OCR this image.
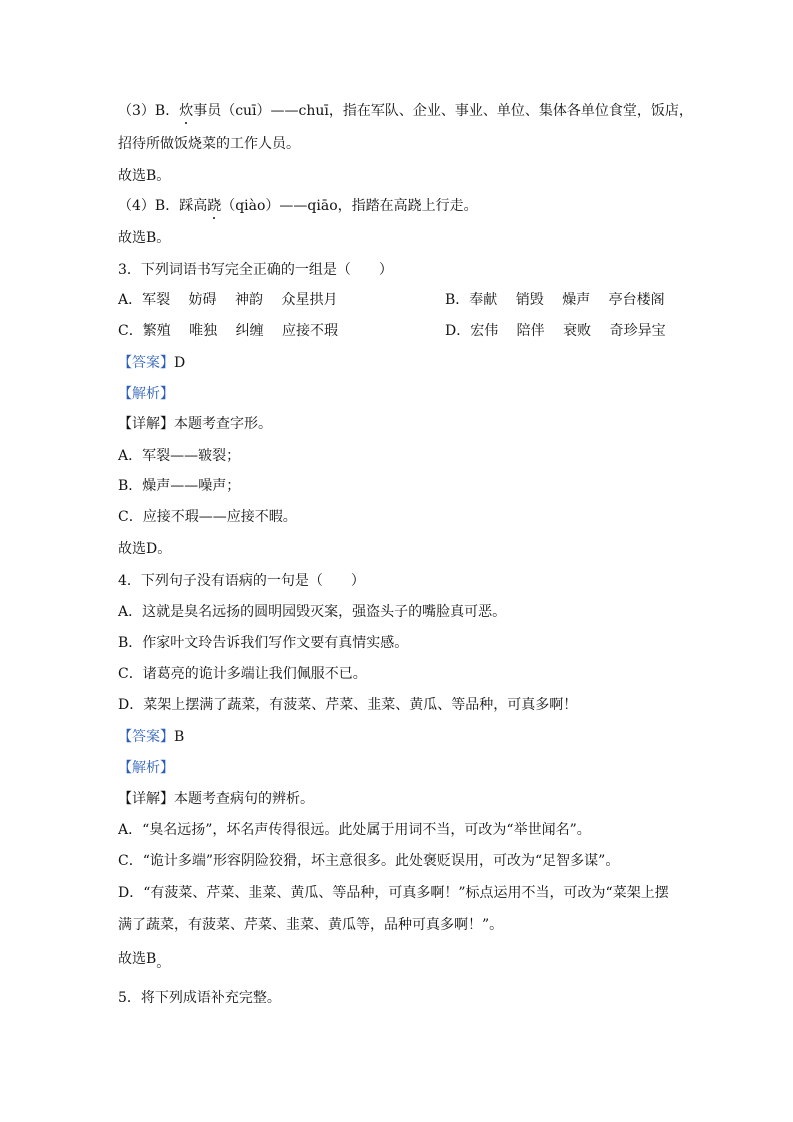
（3）B．炊事员（cuī）——chuī，指在军队、企业、事业、单位、集体各单位食堂，饭店，
招待所做饭烧菜的工作人员。
故选B。
（4）B．踩高跷（qiào）——qiāo，指踏在高跷上行走。
故选B。
3．下列词语书写完全正确的一组是（　　）
A．军裂　 妨碍　 神韵　 众星拱月	B．奉献　 销毁　 燥声　 亭台楼阁
C．繁殖　 唯独　 纠缠　 应接不瑕	D．宏伟　 陪伴　 衰败　 奇珍异宝
【答案】D
【解析】
【详解】本题考查字形。
A．军裂——皲裂；
B．燥声——噪声；
C．应接不瑕——应接不暇。
故选D。
4．下列句子没有语病的一句是（　　）
A．这就是臭名远扬的圆明园毁灭案，强盗头子的嘴脸真可恶。
B．作家叶文玲告诉我们写作文要有真情实感。
C．诸葛亮的诡计多端让我们佩服不已。
D．菜架上摆满了蔬菜，有菠菜、芹菜、韭菜、黄瓜、等品种，可真多啊！
【答案】B
【解析】
【详解】本题考查病句的辨析。
A．“臭名远扬”，坏名声传得很远。此处属于用词不当，可改为“举世闻名”。
C．“诡计多端”形容阴险狡猾，坏主意很多。此处褒贬误用，可改为“足智多谋”。
D．“有菠菜、芹菜、韭菜、黄瓜、等品种，可真多啊！”标点运用不当，可改为“菜架上摆
满了蔬菜，有菠菜、芹菜、韭菜、黄瓜等，品种可真多啊！”。
故选B。
5．将下列成语补充完整。
